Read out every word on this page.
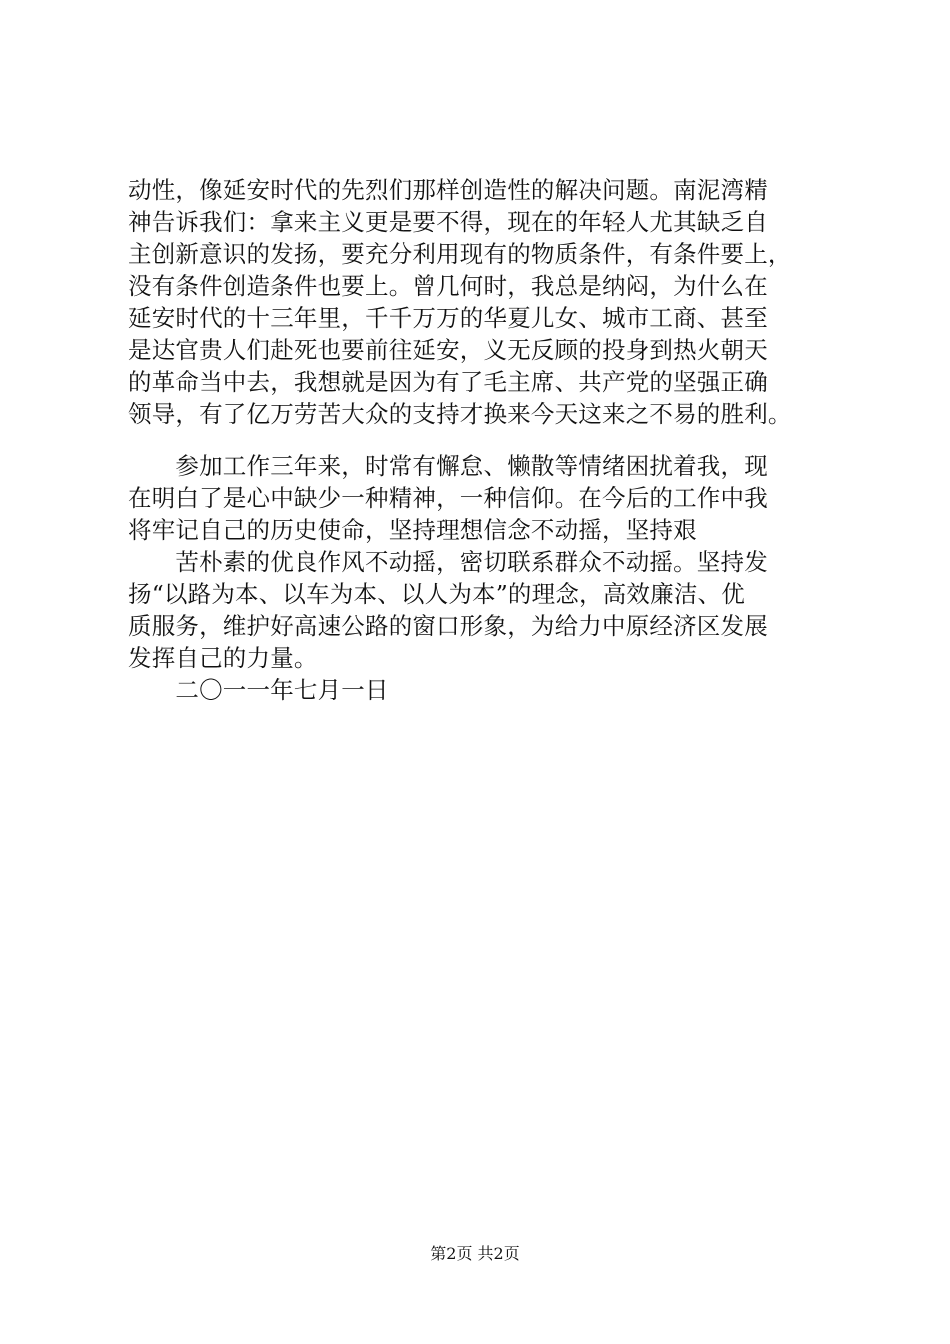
动性，像延安时代的先烈们那样创造性的解决问题。南泥湾精
神告诉我们：拿来主义更是要不得，现在的年轻人尤其缺乏自
主创新意识的发扬，要充分利用现有的物质条件，有条件要上，
没有条件创造条件也要上。曾几何时，我总是纳闷，为什么在
延安时代的十三年里，千千万万的华夏儿女、城市工商、甚至
是达官贵人们赴死也要前往延安，义无反顾的投身到热火朝天
的革命当中去，我想就是因为有了毛主席、共产党的坚强正确
领导，有了亿万劳苦大众的支持才换来今天这来之不易的胜利。
　　参加工作三年来，时常有懈怠、懒散等情绪困扰着我，现
在明白了是心中缺少一种精神，一种信仰。在今后的工作中我
将牢记自己的历史使命，坚持理想信念不动摇，坚持艰
　　苦朴素的优良作风不动摇，密切联系群众不动摇。坚持发
扬“以路为本、以车为本、以人为本”的理念，高效廉洁、优
质服务，维护好高速公路的窗口形象，为给力中原经济区发展
发挥自己的力量。
　　二〇一一年七月一日
第2页 共2页
